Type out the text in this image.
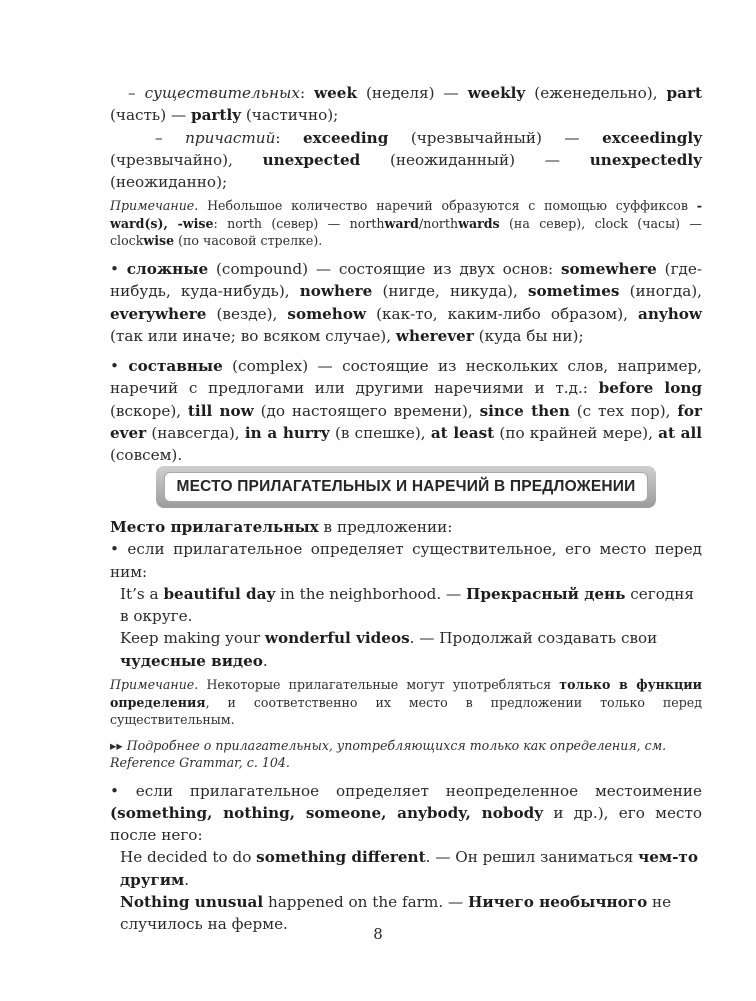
– существительных: week (неделя) — weekly (еженедельно), part (часть) — partly (частично);

– причастий: exceeding (чрезвычайный) — exceedingly (чрезвычайно), unexpected (неожиданный) — unexpectedly (неожиданно);

Примечание. Небольшое количество наречий образуются с помощью суффиксов -ward(s), -wise: north (север) — northward/northwards (на север), clock (часы) — clockwise (по часовой стрелке).

• сложные (compound) — состоящие из двух основ: somewhere (где-нибудь, куда-нибудь), nowhere (нигде, никуда), sometimes (иногда), everywhere (везде), somehow (как-то, каким-либо образом), anyhow (так или иначе; во всяком случае), wherever (куда бы ни);

• составные (complex) — состоящие из нескольких слов, например, наречий с предлогами или другими наречиями и т.д.: before long (вскоре), till now (до настоящего времени), since then (с тех пор), for ever (навсегда), in a hurry (в спешке), at least (по крайней мере), at all (совсем).

МЕСТО ПРИЛАГАТЕЛЬНЫХ И НАРЕЧИЙ В ПРЕДЛОЖЕНИИ

Место прилагательных в предложении:

• если прилагательное определяет существительное, его место перед ним:

It’s a beautiful day in the neighborhood. — Прекрасный день сегодня в округе.

Keep making your wonderful videos. — Продолжай создавать свои чудесные видео.

Примечание. Некоторые прилагательные могут употребляться только в функции определения, и соответственно их место в предложении только перед существительным.

▸▸ Подробнее о прилагательных, употребляющихся только как определения, см. Reference Grammar, с. 104.

• если прилагательное определяет неопределенное местоимение (something, nothing, someone, anybody, nobody и др.), его место после него:

He decided to do something different. — Он решил заниматься чем-то другим.

Nothing unusual happened on the farm. — Ничего необычного не случилось на ферме.

8
